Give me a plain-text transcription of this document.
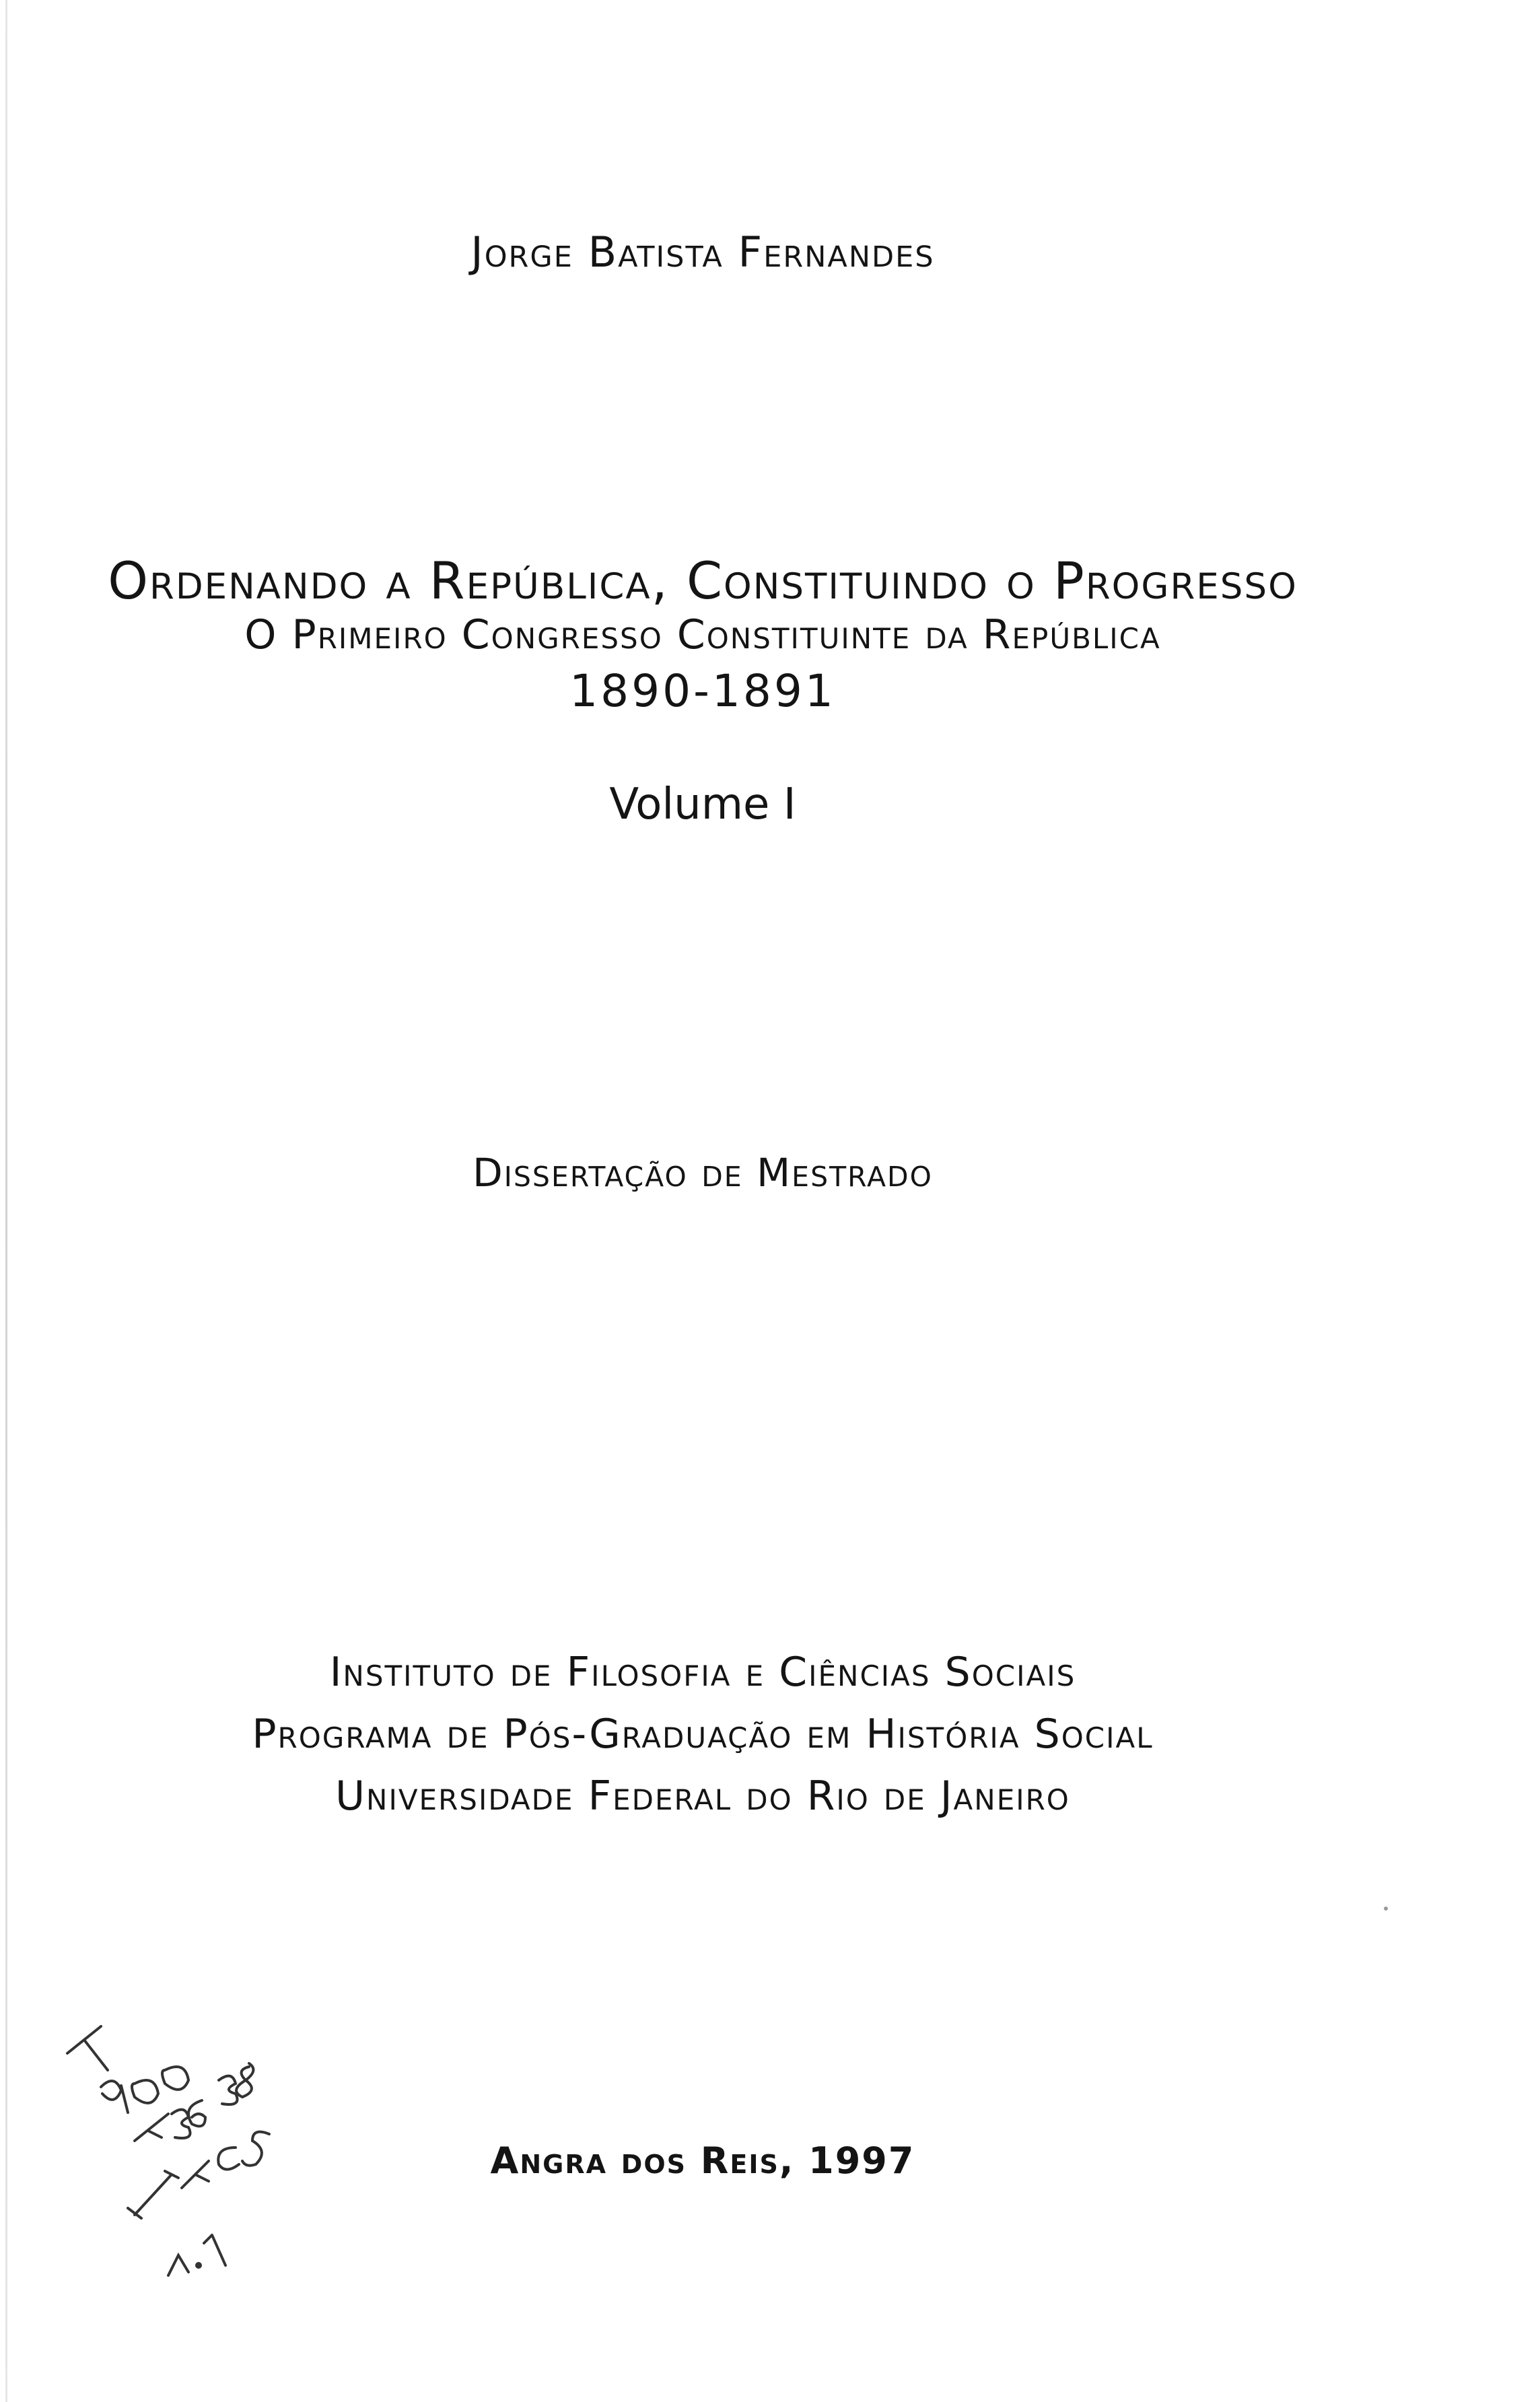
Jorge Batista Fernandes
Ordenando a República, Constituindo o Progresso
O Primeiro Congresso Constituinte da República
1890-1891
Volume I
Dissertação de Mestrado
Instituto de Filosofia e Ciências Sociais
Programa de Pós-Graduação em História Social
Universidade Federal do Rio de Janeiro
Angra dos Reis, 1997
